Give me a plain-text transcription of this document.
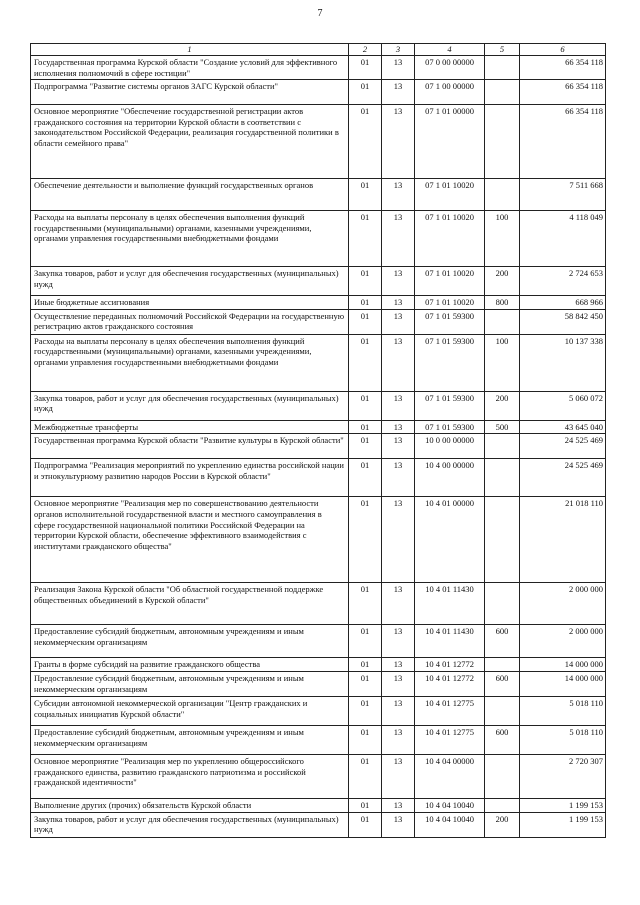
7
1	2	3	4	5	6
Государственная программа Курской области "Создание условий для эффективного исполнения полномочий в сфере юстиции"	01	13	07 0 00 00000		66 354 118
Подпрограмма "Развитие системы органов ЗАГС Курской области"	01	13	07 1 00 00000		66 354 118
Основное мероприятие "Обеспечение государственной регистрации актов гражданского состояния на территории Курской области в соответствии с законодательством Российской Федерации, реализация государственной политики в области семейного права"	01	13	07 1 01 00000		66 354 118
Обеспечение деятельности и выполнение функций государственных органов	01	13	07 1 01 10020		7 511 668
Расходы на выплаты персоналу в целях обеспечения выполнения функций государственными (муниципальными) органами, казенными учреждениями, органами управления государственными внебюджетными фондами	01	13	07 1 01 10020	100	4 118 049
Закупка товаров, работ и услуг для обеспечения государственных (муниципальных) нужд	01	13	07 1 01 10020	200	2 724 653
Иные бюджетные ассигнования	01	13	07 1 01 10020	800	668 966
Осуществление переданных полномочий Российской Федерации на государственную регистрацию актов гражданского состояния	01	13	07 1 01 59300		58 842 450
Расходы на выплаты персоналу в целях обеспечения выполнения функций государственными (муниципальными) органами, казенными учреждениями, органами управления государственными внебюджетными фондами	01	13	07 1 01 59300	100	10 137 338
Закупка товаров, работ и услуг для обеспечения государственных (муниципальных) нужд	01	13	07 1 01 59300	200	5 060 072
Межбюджетные трансферты	01	13	07 1 01 59300	500	43 645 040
Государственная программа Курской области "Развитие культуры в Курской области"	01	13	10 0 00 00000		24 525 469
Подпрограмма "Реализация мероприятий по укреплению единства российской нации и этнокультурному развитию народов России в Курской области"	01	13	10 4 00 00000		24 525 469
Основное мероприятие "Реализация мер по совершенствованию деятельности органов исполнительной государственной власти и местного самоуправления в сфере государственной национальной политики Российской Федерации на территории Курской области, обеспечение эффективного взаимодействия с институтами гражданского общества"	01	13	10 4 01 00000		21 018 110
Реализация Закона Курской области "Об областной государственной поддержке общественных объединений в Курской области"	01	13	10 4 01 11430		2 000 000
Предоставление субсидий бюджетным, автономным учреждениям и иным некоммерческим организациям	01	13	10 4 01 11430	600	2 000 000
Гранты в форме субсидий на развитие гражданского общества	01	13	10 4 01 12772		14 000 000
Предоставление субсидий бюджетным, автономным учреждениям и иным некоммерческим организациям	01	13	10 4 01 12772	600	14 000 000
Субсидии автономной некоммерческой организации "Центр гражданских и социальных инициатив Курской области"	01	13	10 4 01 12775		5 018 110
Предоставление субсидий бюджетным, автономным учреждениям и иным некоммерческим организациям	01	13	10 4 01 12775	600	5 018 110
Основное мероприятие "Реализация мер по укреплению общероссийского гражданского единства, развитию гражданского патриотизма и российской гражданской идентичности"	01	13	10 4 04 00000		2 720 307
Выполнение других (прочих) обязательств Курской области	01	13	10 4 04 10040		1 199 153
Закупка товаров, работ и услуг для обеспечения государственных (муниципальных) нужд	01	13	10 4 04 10040	200	1 199 153
